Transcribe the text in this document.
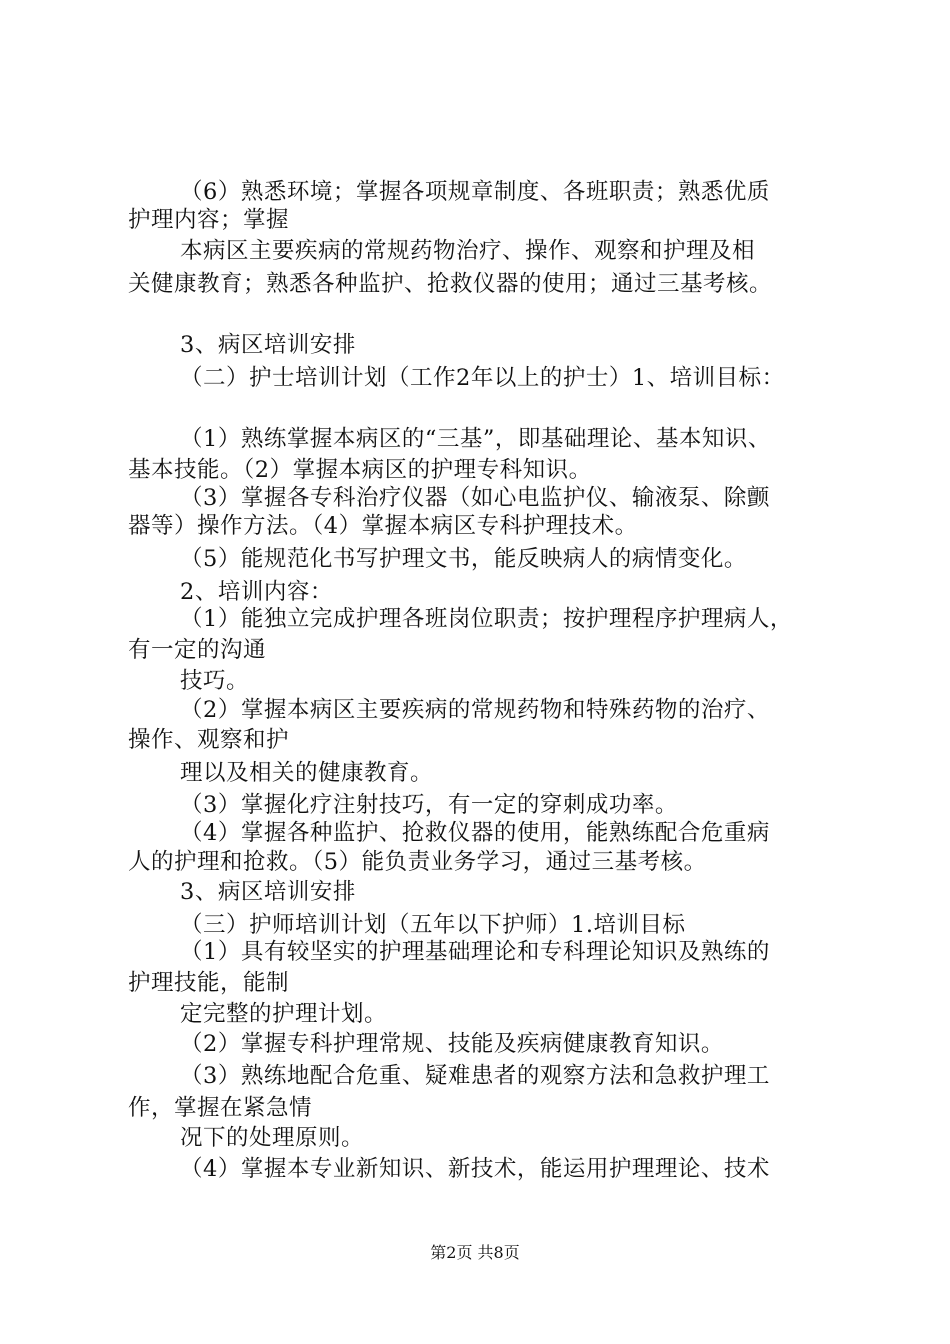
（6）熟悉环境；掌握各项规章制度、各班职责；熟悉优质
护理内容；掌握
本病区主要疾病的常规药物治疗、操作、观察和护理及相
关健康教育；熟悉各种监护、抢救仪器的使用；通过三基考核。
3、病区培训安排
（二）护士培训计划（工作2年以上的护士）1、培训目标：
（1）熟练掌握本病区的“三基”，即基础理论、基本知识、
基本技能。（2）掌握本病区的护理专科知识。
（3）掌握各专科治疗仪器（如心电监护仪、输液泵、除颤
器等）操作方法。（4）掌握本病区专科护理技术。
（5）能规范化书写护理文书，能反映病人的病情变化。
2、培训内容：
（1）能独立完成护理各班岗位职责；按护理程序护理病人，
有一定的沟通
技巧。
（2）掌握本病区主要疾病的常规药物和特殊药物的治疗、
操作、观察和护
理以及相关的健康教育。
（3）掌握化疗注射技巧，有一定的穿刺成功率。
（4）掌握各种监护、抢救仪器的使用，能熟练配合危重病
人的护理和抢救。（5）能负责业务学习，通过三基考核。
3、病区培训安排
（三）护师培训计划（五年以下护师）1.培训目标
（1）具有较坚实的护理基础理论和专科理论知识及熟练的
护理技能，能制
定完整的护理计划。
（2）掌握专科护理常规、技能及疾病健康教育知识。
（3）熟练地配合危重、疑难患者的观察方法和急救护理工
作，掌握在紧急情
况下的处理原则。
（4）掌握本专业新知识、新技术，能运用护理理论、技术
第2页 共8页
